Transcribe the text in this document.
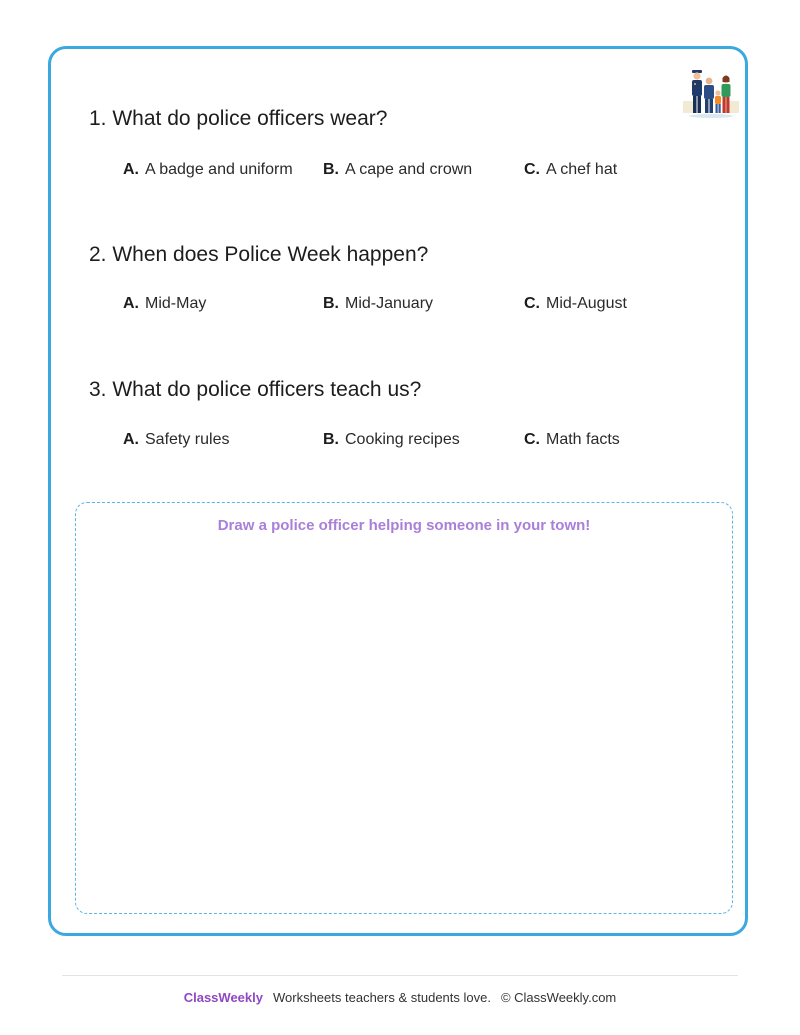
1. What do police officers wear?
A. A badge and uniform B. A cape and crown	C. A chef hat
2. When does Police Week happen?
A. Mid-May	B. Mid-January	C. Mid-August
3. What do police officers teach us?
A. Safety rules	B. Cooking recipes	C. Math facts
Draw a police officer helping someone in your town!
ClassWeekly Worksheets teachers & students love. © ClassWeekly.com
